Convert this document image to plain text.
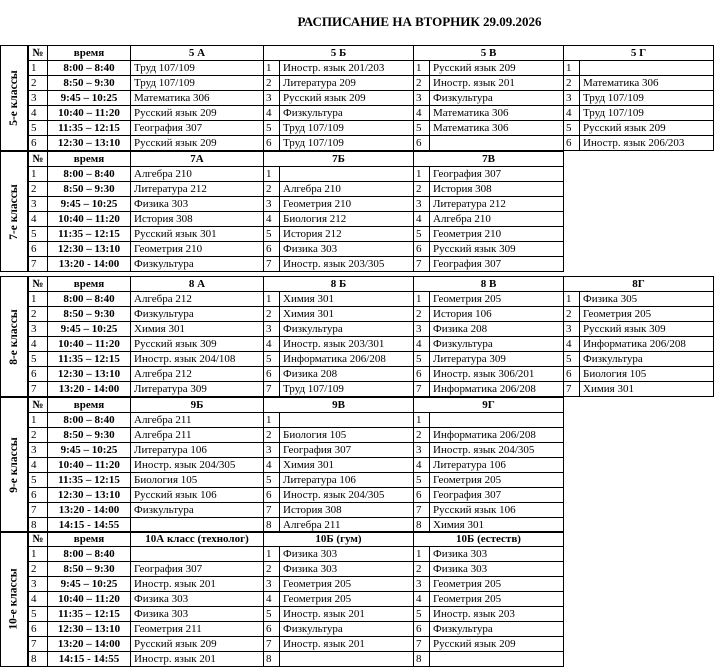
РАСПИСАНИЕ НА ВТОРНИК 29.09.2026
5-е классы
№	время	5 А	5 Б		5 В		5 Г	
1	8:00 – 8:40	Труд 107/109	1	Иностр. язык 201/203	1	Русский язык 209	1	
2	8:50 – 9:30	Труд 107/109	2	Литература 209	2	Иностр. язык 201	2	Математика 306
3	9:45 – 10:25	Математика 306	3	Русский язык 209	3	Физкультура	3	Труд 107/109
4	10:40 – 11:20	Русский язык 209	4	Физкультура	4	Математика 306	4	Труд 107/109
5	11:35 – 12:15	География 307	5	Труд 107/109	5	Математика 306	5	Русский язык 209
6	12:30 – 13:10	Русский язык 209	6	Труд 107/109	6		6	Иностр. язык 206/203
7-е классы
№	время	7А	7Б		7В	
1	8:00 – 8:40	Алгебра 210	1		1	География 307
2	8:50 – 9:30	Литература 212	2	Алгебра 210	2	История 308
3	9:45 – 10:25	Физика 303	3	Геометрия 210	3	Литература 212
4	10:40 – 11:20	История 308	4	Биология 212	4	Алгебра 210
5	11:35 – 12:15	Русский язык 301	5	История 212	5	Геометрия 210
6	12:30 – 13:10	Геометрия 210	6	Физика 303	6	Русский язык 309
7	13:20 - 14:00	Физкультура	7	Иностр. язык 203/305	7	География 307
8-е классы
№	время	8 А	8 Б		8 В		8Г	
1	8:00 – 8:40	Алгебра 212	1	Химия 301	1	Геометрия 205	1	Физика 305
2	8:50 – 9:30	Физкультура	2	Химия 301	2	История 106	2	Геометрия 205
3	9:45 – 10:25	Химия 301	3	Физкультура	3	Физика 208	3	Русский язык 309
4	10:40 – 11:20	Русский язык 309	4	Иностр. язык 203/301	4	Физкультура	4	Информатика 206/208
5	11:35 – 12:15	Иностр. язык 204/108	5	Информатика 206/208	5	Литература 309	5	Физкультура
6	12:30 – 13:10	Алгебра 212	6	Физика 208	6	Иностр. язык 306/201	6	Биология 105
7	13:20 - 14:00	Литература 309	7	Труд 107/109	7	Информатика 206/208	7	Химия 301
9-е классы
№	время	9Б	9В		9Г	
1	8:00 – 8:40	Алгебра 211	1		1	
2	8:50 – 9:30	Алгебра 211	2	Биология 105	2	Информатика 206/208
3	9:45 – 10:25	Литература 106	3	География 307	3	Иностр. язык 204/305
4	10:40 – 11:20	Иностр. язык 204/305	4	Химия 301	4	Литература 106
5	11:35 – 12:15	Биология 105	5	Литература 106	5	Геометрия 205
6	12:30 – 13:10	Русский язык 106	6	Иностр. язык 204/305	6	География 307
7	13:20 - 14:00	Физкультура	7	История 308	7	Русский язык 106
8	14:15 - 14:55		8	Алгебра 211	8	Химия 301
10-е классы
№	время	10А класс (технолог)	10Б (гум)		10Б (естеств)	
1	8:00 – 8:40		1	Физика 303	1	Физика 303
2	8:50 – 9:30	География 307	2	Физика 303	2	Физика 303
3	9:45 – 10:25	Иностр. язык 201	3	Геометрия 205	3	Геометрия 205
4	10:40 – 11:20	Физика 303	4	Геометрия 205	4	Геометрия 205
5	11:35 – 12:15	Физика 303	5	Иностр. язык 201	5	Иностр. язык 203
6	12:30 – 13:10	Геометрия 211	6	Физкультура	6	Физкультура
7	13:20 – 14:00	Русский язык 209	7	Иностр. язык 201	7	Русский язык 209
8	14:15 - 14:55	Иностр. язык 201	8		8	
